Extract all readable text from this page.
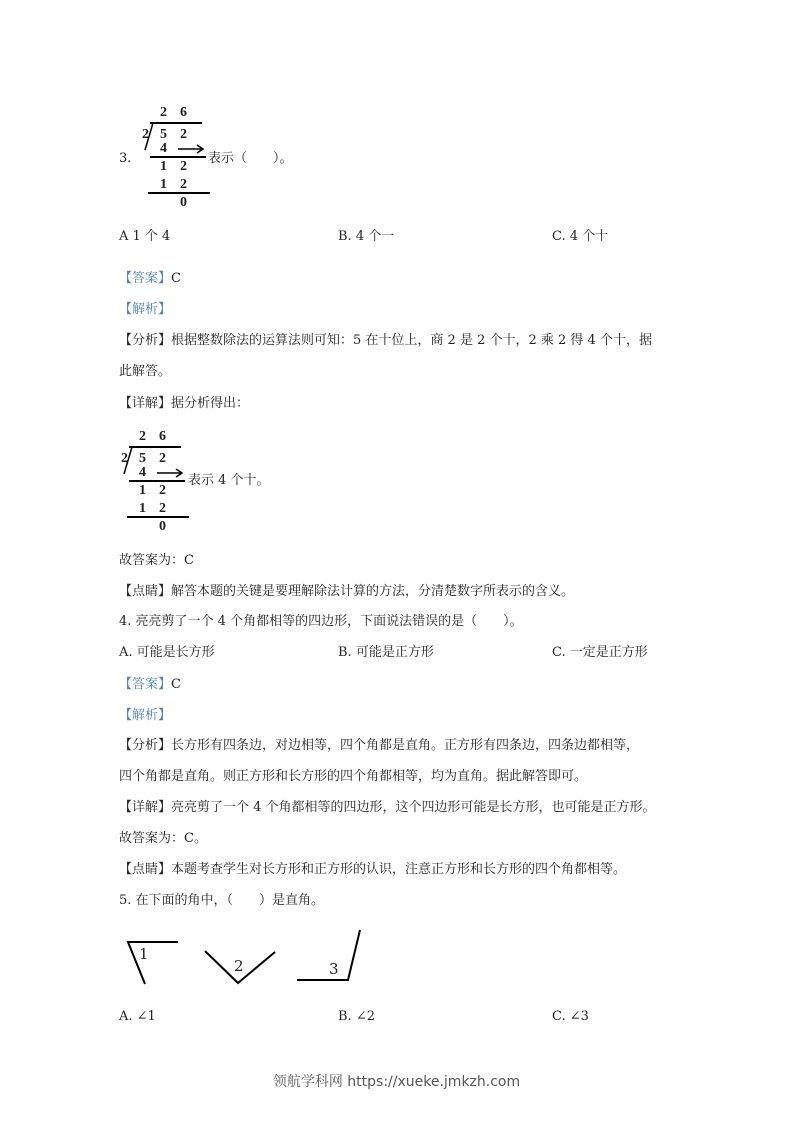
3.
2 6
2 5 2
4
1 2
1 2
0
表示（　　）。
A 1 个 4	B. 4 个一	C. 4 个十
【答案】C
【解析】
【分析】根据整数除法的运算法则可知：5 在十位上，商 2 是 2 个十，2 乘 2 得 4 个十，据
此解答。
【详解】据分析得出：
2 6
2 5 2
4
1 2
1 2
0
表示 4 个十。
故答案为：C
【点睛】解答本题的关键是要理解除法计算的方法，分清楚数字所表示的含义。
4. 亮亮剪了一个 4 个角都相等的四边形，下面说法错误的是（　　）。
A. 可能是长方形	B. 可能是正方形	C. 一定是正方形
【答案】C
【解析】
【分析】长方形有四条边，对边相等，四个角都是直角。正方形有四条边，四条边都相等，
四个角都是直角。则正方形和长方形的四个角都相等，均为直角。据此解答即可。
【详解】亮亮剪了一个 4 个角都相等的四边形，这个四边形可能是长方形，也可能是正方形。
故答案为：C。
【点睛】本题考查学生对长方形和正方形的认识，注意正方形和长方形的四个角都相等。
5. 在下面的角中，（　　）是直角。
1
2	3
A. ∠1	B. ∠2	C. ∠3
领航学科网 https://xueke.jmkzh.com
